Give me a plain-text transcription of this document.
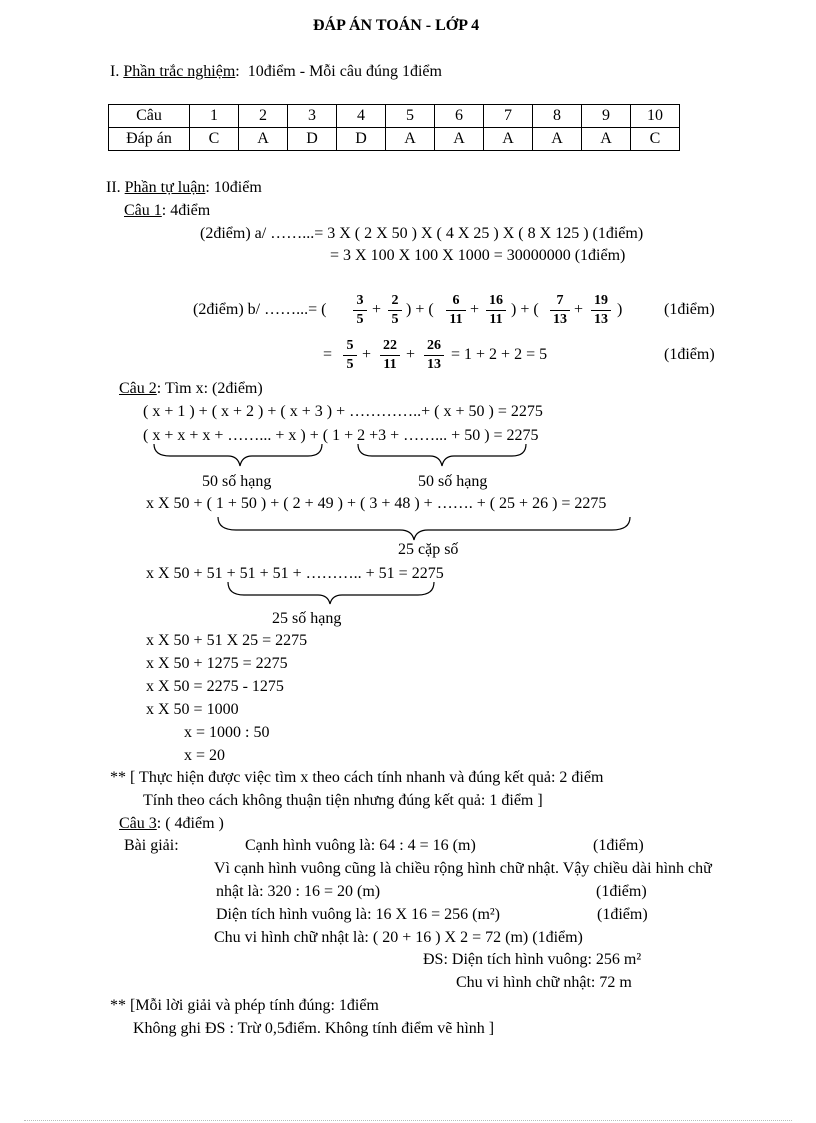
ĐÁP ÁN TOÁN - LỚP 4
I. Phần trắc nghiệm: 10điểm - Mỗi câu đúng 1điểm
Câu	1	2	3	4	5	6	7	8	9	10
Đáp án	C	A	D	D	A	A	A	A	A	C
II. Phần tự luận: 10điểm
Câu 1: 4điểm
(2điểm) a/ ……...= 3 X ( 2 X 50 ) X ( 4 X 25 ) X ( 8 X 125 ) (1điểm)
= 3 X 100 X 100 X 1000 = 30000000 (1điểm)
(2điểm) b/ ……...= (
3
5
+
2
5
) + (
6
11
+
16
11
) + (
7
13
+
19
13
)	(1điểm)
=
5
5
+
22
11
+
26
13
= 1 + 2 + 2 = 5	(1điểm)
Câu 2: Tìm x: (2điểm)
( x + 1 ) + ( x + 2 ) + ( x + 3 ) + …………..+ ( x + 50 ) = 2275
( x + x + x + ……... + x ) + ( 1 + 2 +3 + ……... + 50 ) = 2275
50 số hạng	50 số hạng
x X 50 + ( 1 + 50 ) + ( 2 + 49 ) + ( 3 + 48 ) + ……. + ( 25 + 26 ) = 2275
25 cặp số
x X 50 + 51 + 51 + 51 + ……….. + 51 = 2275
25 số hạng
x X 50 + 51 X 25 = 2275
x X 50 + 1275 = 2275
x X 50 = 2275 - 1275
x X 50 = 1000
x = 1000 : 50
x = 20
** [ Thực hiện được việc tìm x theo cách tính nhanh và đúng kết quả: 2 điểm
Tính theo cách không thuận tiện nhưng đúng kết quả: 1 điểm ]
Câu 3: ( 4điểm )
Bài giải:	Cạnh hình vuông là: 64 : 4 = 16 (m)	(1điểm)
Vì cạnh hình vuông cũng là chiều rộng hình chữ nhật. Vậy chiều dài hình chữ
nhật là: 320 : 16 = 20 (m)	(1điểm)
Diện tích hình vuông là: 16 X 16 = 256 (m²)	(1điểm)
Chu vi hình chữ nhật là: ( 20 + 16 ) X 2 = 72 (m) (1điểm)
ĐS: Diện tích hình vuông: 256 m²
Chu vi hình chữ nhật: 72 m
** [Mỗi lời giải và phép tính đúng: 1điểm
Không ghi ĐS : Trừ 0,5điểm. Không tính điểm vẽ hình ]
